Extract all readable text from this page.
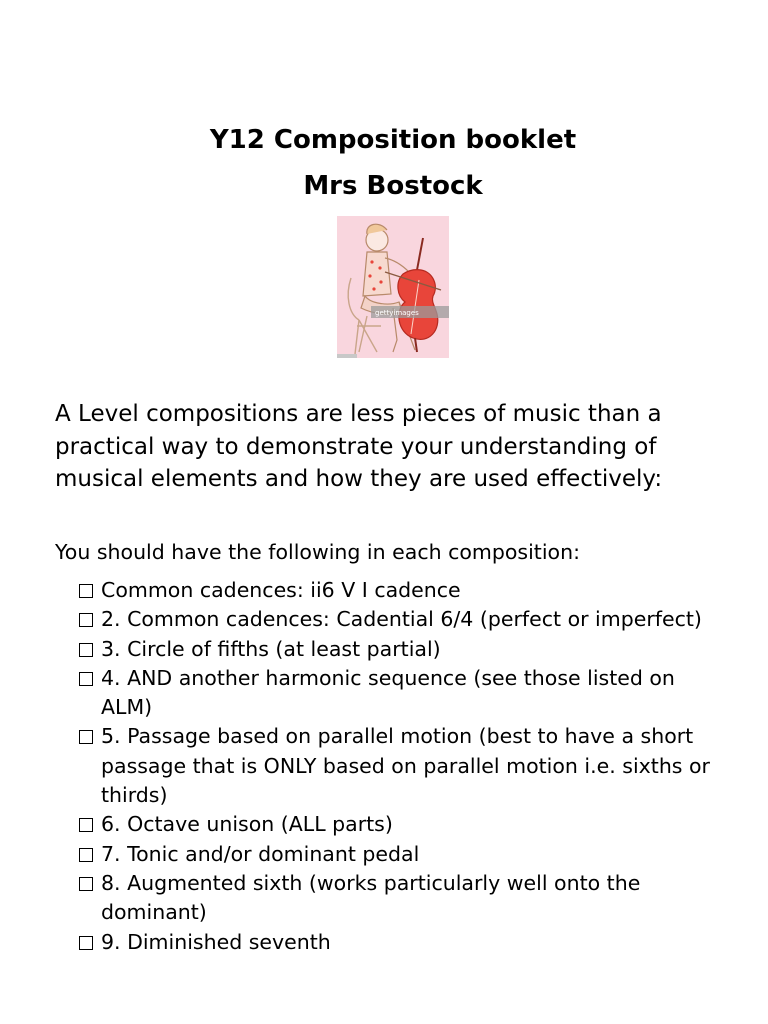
Y12 Composition booklet
Mrs Bostock
gettyimages

A Level compositions are less pieces of music than a practical way to demonstrate your understanding of musical elements and how they are used effectively:

You should have the following in each composition:

Common cadences: ii6 V I cadence
2. Common cadences: Cadential 6/4 (perfect or imperfect)
3. Circle of fifths (at least partial)
4. AND another harmonic sequence (see those listed on ALM)
5. Passage based on parallel motion (best to have a short passage that is ONLY based on parallel motion i.e. sixths or thirds)
6. Octave unison (ALL parts)
7. Tonic and/or dominant pedal
8. Augmented sixth (works particularly well onto the dominant)
9. Diminished seventh
